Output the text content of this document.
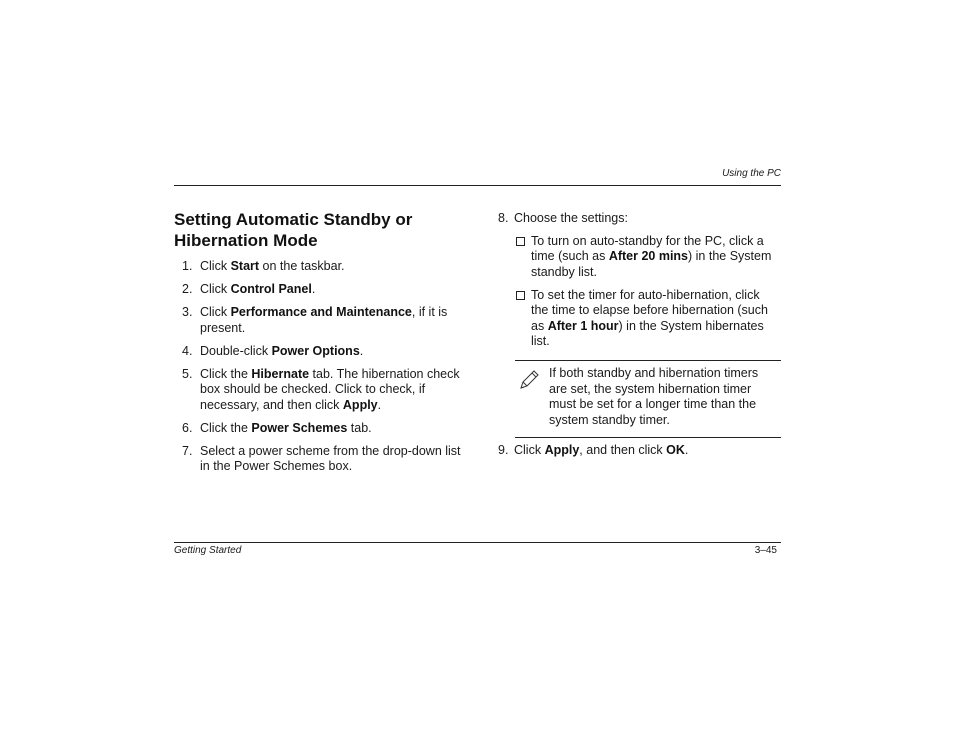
Using the PC
Setting Automatic Standby or Hibernation Mode
1. Click Start on the taskbar.
2. Click Control Panel.
3. Click Performance and Maintenance, if it is present.
4. Double-click Power Options.
5. Click the Hibernate tab. The hibernation check box should be checked. Click to check, if necessary, and then click Apply.
6. Click the Power Schemes tab.
7. Select a power scheme from the drop-down list in the Power Schemes box.
8. Choose the settings:
To turn on auto-standby for the PC, click a time (such as After 20 mins) in the System standby list.
To set the timer for auto-hibernation, click the time to elapse before hibernation (such as After 1 hour) in the System hibernates list.
If both standby and hibernation timers are set, the system hibernation timer must be set for a longer time than the system standby timer.
9. Click Apply, and then click OK.
Getting Started	3–45
